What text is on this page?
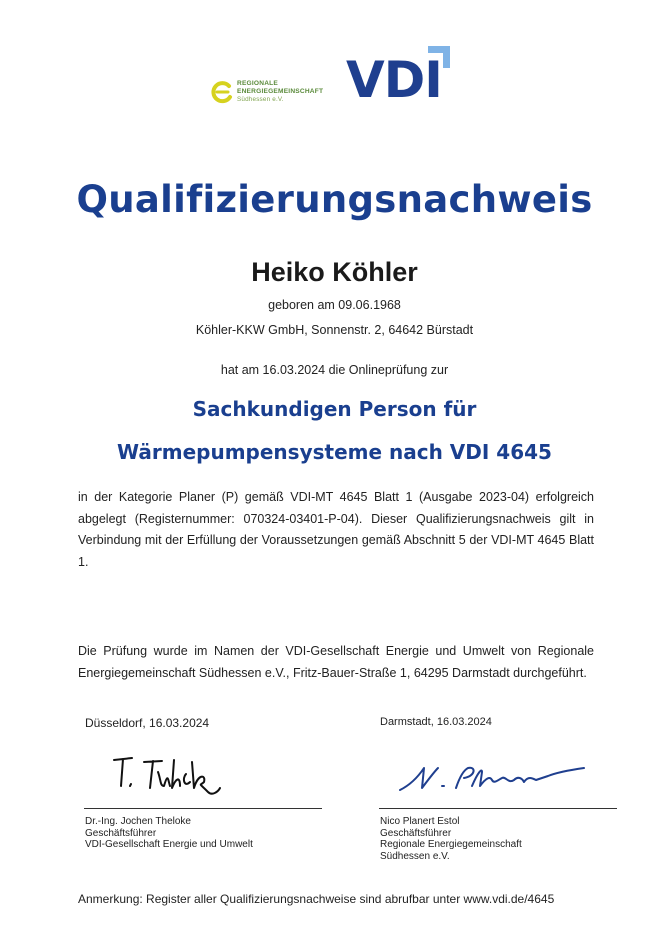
REGIONALE
ENERGIEGEMEINSCHAFT
Südhessen e.V. VDI
Qualifizierungsnachweis
Heiko Köhler
geboren am 09.06.1968
Köhler-KKW GmbH, Sonnenstr. 2, 64642 Bürstadt
hat am 16.03.2024 die Onlineprüfung zur
Sachkundigen Person für
Wärmepumpensysteme nach VDI 4645
in der Kategorie Planer (P) gemäß VDI-MT 4645 Blatt 1 (Ausgabe 2023-04) erfolgreich abgelegt (Registernummer: 070324-03401-P-04). Dieser Qualifizierungsnachweis gilt in Verbindung mit der Erfüllung der Voraussetzungen gemäß Abschnitt 5 der VDI-MT 4645 Blatt 1.
Die Prüfung wurde im Namen der VDI-Gesellschaft Energie und Umwelt von Regionale Energiegemeinschaft Südhessen e.V., Fritz-Bauer-Straße 1, 64295 Darmstadt durchgeführt.
Düsseldorf, 16.03.2024
Dr.-Ing. Jochen Theloke
Geschäftsführer
VDI-Gesellschaft Energie und Umwelt
Darmstadt, 16.03.2024
Nico Planert Estol
Geschäftsführer
Regionale Energiegemeinschaft
Südhessen e.V.
Anmerkung: Register aller Qualifizierungsnachweise sind abrufbar unter www.vdi.de/4645
